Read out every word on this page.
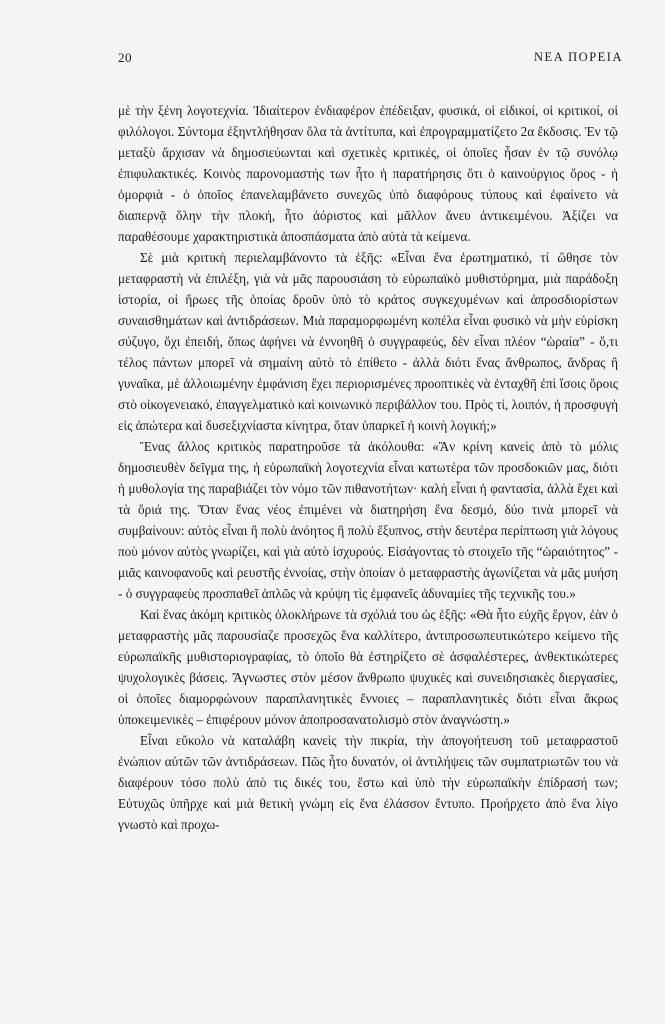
20	ΝΕΑ ΠΟΡΕΙΑ

μὲ τὴν ξένη λογοτεχνία. Ἰδιαίτερον ἐνδιαφέρον ἐπέδειξαν, φυσικά, οἱ εἰδικοί, οἱ κριτικοί, οἱ φιλόλογοι. Σύντομα ἐξηντλήθησαν ὅλα τὰ ἀντίτυπα, καὶ ἐπρογραμματίζετο 2α ἔκδοσις. Ἐν τῷ μεταξὺ ἄρχισαν νὰ δημοσιεύωνται καὶ σχετικὲς κριτικές, οἱ ὁποῖες ἦσαν ἐν τῷ συνόλῳ ἐπιφυλακτικές. Κοινὸς παρονομαστής των ἦτο ἡ παρατήρησις ὅτι ὁ καινούργιος ὅρος - ἡ ὀμορφιὰ - ὁ ὁποῖος ἐπανελαμβάνετο συνεχῶς ὑπὸ διαφόρους τύπους καὶ ἐφαίνετο νὰ διαπερνᾷ ὅλην τὴν πλοκή, ἦτο ἀόριστος καὶ μᾶλλον ἄνευ ἀντικειμένου. Ἀξίζει να παραθέσουμε χαρακτηριστικὰ ἀποσπάσματα ἀπὸ αὐτὰ τὰ κείμενα.

Σὲ μιὰ κριτικὴ περιελαμβάνοντο τὰ ἑξῆς: «Εἶναι ἕνα ἐρωτηματικό, τί ὤθησε τὸν μεταφραστὴ νὰ ἐπιλέξη, γιὰ νὰ μᾶς παρουσιάση τὸ εὐρωπαϊκὸ μυθιστόρημα, μιὰ παράδοξη ἱστορία, οἱ ἥρωες τῆς ὁποίας δροῦν ὑπὸ τὸ κράτος συγκεχυμένων καὶ ἀπροσδιορίστων συναισθημάτων καὶ ἀντιδράσεων. Μιὰ παραμορφωμένη κοπέλα εἶναι φυσικὸ νὰ μὴν εὑρίσκη σύζυγο, ὄχι ἐπειδή, ὅπως ἀφήνει νὰ ἐννοηθῆ ὁ συγγραφεύς, δὲν εἶναι πλέον “ὡραία” - ὅ,τι τέλος πάντων μπορεῖ νὰ σημαίνη αὐτὸ τὸ ἐπίθετο - ἀλλὰ διότι ἕνας ἄνθρωπος, ἄνδρας ἢ γυναῖκα, μὲ ἀλλοιωμένην ἐμφάνιση ἔχει περιορισμένες προοπτικὲς νὰ ἐνταχθῆ ἐπὶ ἴσοις ὅροις στὸ οἰκογενειακό, ἐπαγγελματικὸ καὶ κοινωνικὸ περιβάλλον του. Πρὸς τί, λοιπόν, ἡ προσφυγὴ εἰς ἀπώτερα καὶ δυσεξιχνίαστα κίνητρα, ὅταν ὑπαρκεῖ ἡ κοινὴ λογική;»

Ἕνας ἄλλος κριτικὸς παρατηροῦσε τὰ ἀκόλουθα: «Ἂν κρίνη κανεὶς ἀπὸ τὸ μόλις δημοσιευθὲν δεῖγμα της, ἡ εὐρωπαϊκὴ λογοτεχνία εἶναι κατωτέρα τῶν προσδοκιῶν μας, διότι ἡ μυθολογία της παραβιάζει τὸν νόμο τῶν πιθανοτήτων· καλὴ εἶναι ἡ φαντασία, ἀλλὰ ἔχει καὶ τὰ ὅριά της. Ὅταν ἕνας νέος ἐπιμένει νὰ διατηρήση ἕνα δεσμό, δύο τινὰ μπορεῖ νὰ συμβαίνουν: αὐτὸς εἶναι ἢ πολὺ ἀνόητος ἢ πολὺ ἔξυπνος, στὴν δευτέρα περίπτωση γιὰ λόγους ποὺ μόνον αὐτὸς γνωρίζει, καὶ γιὰ αὐτὸ ἰσχυρούς. Εἰσάγοντας τὸ στοιχεῖο τῆς “ὡραιότητος” - μιᾶς καινοφανοῦς καὶ ρευστῆς ἐννοίας, στὴν ὁποίαν ὁ μεταφραστὴς ἀγωνίζεται νὰ μᾶς μυήση - ὁ συγγραφεὺς προσπαθεῖ ἁπλῶς νὰ κρύψη τὶς ἐμφανεῖς ἀδυναμίες τῆς τεχνικῆς του.»

Καὶ ἕνας ἀκόμη κριτικὸς ὁλοκλήρωνε τὰ σχόλιά του ὡς ἑξῆς: «Θὰ ἦτο εὐχῆς ἔργον, ἐὰν ὁ μεταφραστὴς μᾶς παρουσίαζε προσεχῶς ἕνα καλλίτερο, ἀντιπροσωπευτικώτερο κείμενο τῆς εὐρωπαϊκῆς μυθιστοριογραφίας, τὸ ὁποῖο θὰ ἐστηρίζετο σὲ ἀσφαλέστερες, ἀνθεκτικώτερες ψυχολογικὲς βάσεις. Ἄγνωστες στὸν μέσον ἄνθρωπο ψυχικὲς καὶ συνειδησιακὲς διεργασίες, οἱ ὁποῖες διαμορφώνουν παραπλανητικὲς ἔννοιες – παραπλανητικὲς διότι εἶναι ἄκρως ὑποκειμενικὲς – ἐπιφέρουν μόνον ἀποπροσανατολισμὸ στὸν ἀναγνώστη.»

Εἶναι εὔκολο νὰ καταλάβη κανεὶς τὴν πικρία, τὴν ἀπογοήτευση τοῦ μεταφραστοῦ ἐνώπιον αὐτῶν τῶν ἀντιδράσεων. Πῶς ἦτο δυνατόν, οἱ ἀντιλήψεις τῶν συμπατριωτῶν του νὰ διαφέρουν τόσο πολὺ ἀπὸ τις δικές του, ἔστω καὶ ὑπὸ τὴν εὐρωπαϊκὴν ἐπίδρασή των; Εὐτυχῶς ὑπῆρχε καὶ μιὰ θετικὴ γνώμη εἰς ἕνα ἐλάσσον ἔντυπο. Προήρχετο ἀπὸ ἕνα λίγο γνωστὸ καὶ προχω-
